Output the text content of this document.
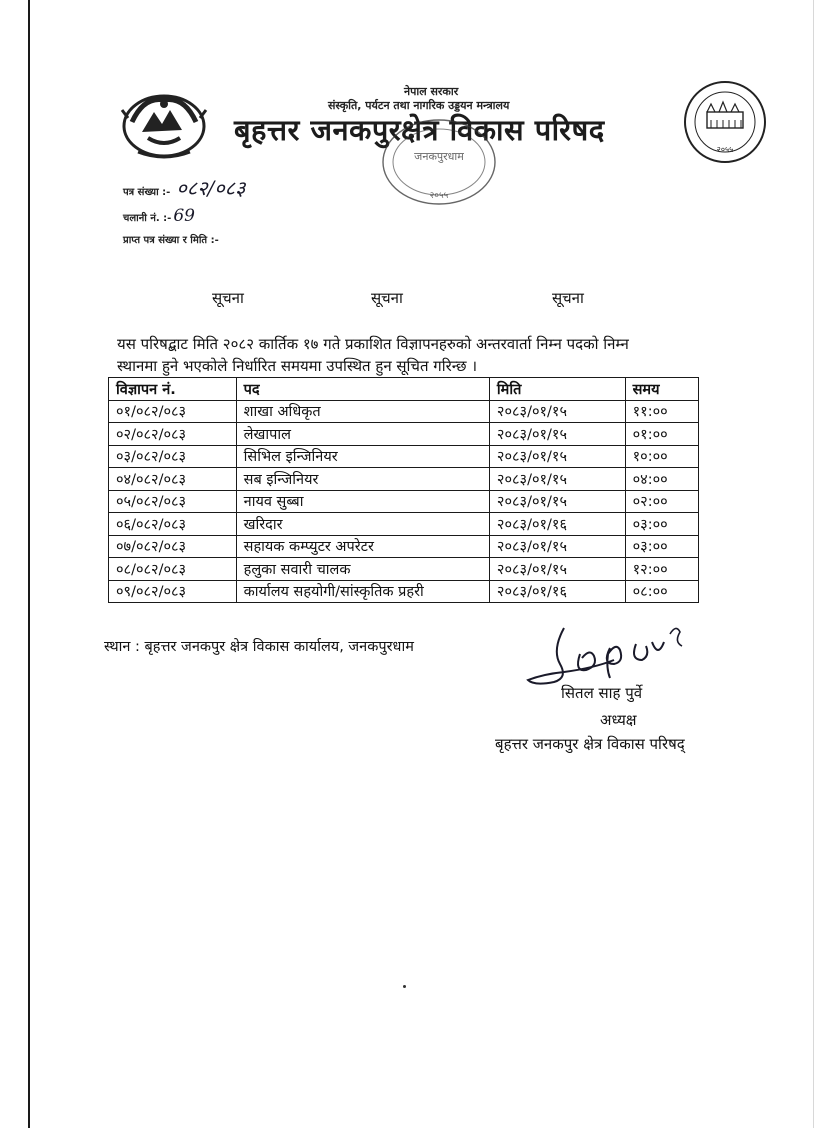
नेपाल सरकार
संस्कृति, पर्यटन तथा नागरिक उड्डयन मन्त्रालय
बृहत्तर जनकपुरक्षेत्र विकास परिषद
जनकपुरधाम
२०५५
२०५५
पत्र संख्या :- ०८२/०८३
चलानी नं. :- 69
प्राप्त पत्र संख्या र मिति :-
सूचना	सूचना	सूचना
यस परिषद्बाट मिति २०८२ कार्तिक १७ गते प्रकाशित विज्ञापनहरुको अन्तरवार्ता निम्न पदको निम्न
स्थानमा हुने भएकोले निर्धारित समयमा उपस्थित हुन सूचित गरिन्छ ।
विज्ञापन नं.	पद	मिति	समय
०१/०८२/०८३	शाखा अधिकृत	२०८३/०१/१५	११:००
०२/०८२/०८३	लेखापाल	२०८३/०१/१५	०१:००
०३/०८२/०८३	सिभिल इन्जिनियर	२०८३/०१/१५	१०:००
०४/०८२/०८३	सब इन्जिनियर	२०८३/०१/१५	०४:००
०५/०८२/०८३	नायव सुब्बा	२०८३/०१/१५	०२:००
०६/०८२/०८३	खरिदार	२०८३/०१/१६	०३:००
०७/०८२/०८३	सहायक कम्प्युटर अपरेटर	२०८३/०१/१५	०३:००
०८/०८२/०८३	हलुका सवारी चालक	२०८३/०१/१५	१२:००
०९/०८२/०८३	कार्यालय सहयोगी/सांस्कृतिक प्रहरी	२०८३/०१/१६	०८:००
स्थान : बृहत्तर जनकपुर क्षेत्र विकास कार्यालय, जनकपुरधाम
सितल साह पुर्वे
अध्यक्ष
बृहत्तर जनकपुर क्षेत्र विकास परिषद्
